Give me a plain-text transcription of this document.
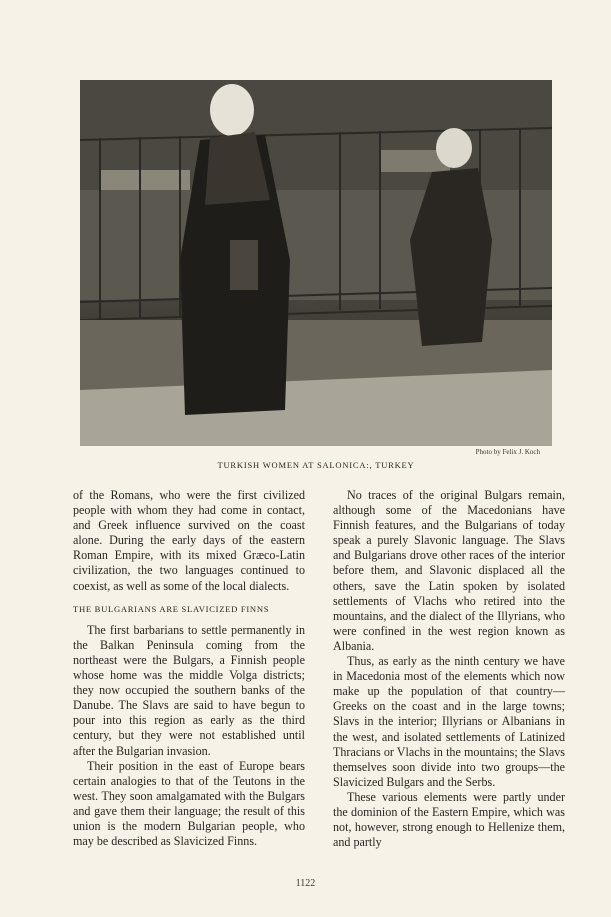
Photo by Felix J. Koch
TURKISH WOMEN AT SALONICA:, TURKEY

of the Romans, who were the first civilized people with whom they had come in contact, and Greek influence survived on the coast alone. During the early days of the eastern Roman Empire, with its mixed Græco-Latin civilization, the two languages continued to coexist, as well as some of the local dialects.

THE BULGARIANS ARE SLAVICIZED FINNS

The first barbarians to settle permanently in the Balkan Peninsula coming from the northeast were the Bulgars, a Finnish people whose home was the middle Volga districts; they now occupied the southern banks of the Danube. The Slavs are said to have begun to pour into this region as early as the third century, but they were not established until after the Bulgarian invasion.

Their position in the east of Europe bears certain analogies to that of the Teutons in the west. They soon amalgamated with the Bulgars and gave them their language; the result of this union is the modern Bulgarian people, who may be described as Slavicized Finns.

No traces of the original Bulgars remain, although some of the Macedonians have Finnish features, and the Bulgarians of today speak a purely Slavonic language. The Slavs and Bulgarians drove other races of the interior before them, and Slavonic displaced all the others, save the Latin spoken by isolated settlements of Vlachs who retired into the mountains, and the dialect of the Illyrians, who were confined in the west region known as Albania.

Thus, as early as the ninth century we have in Macedonia most of the elements which now make up the population of that country—Greeks on the coast and in the large towns; Slavs in the interior; Illyrians or Albanians in the west, and isolated settlements of Latinized Thracians or Vlachs in the mountains; the Slavs themselves soon divide into two groups—the Slavicized Bulgars and the Serbs.

These various elements were partly under the dominion of the Eastern Empire, which was not, however, strong enough to Hellenize them, and partly

1122
